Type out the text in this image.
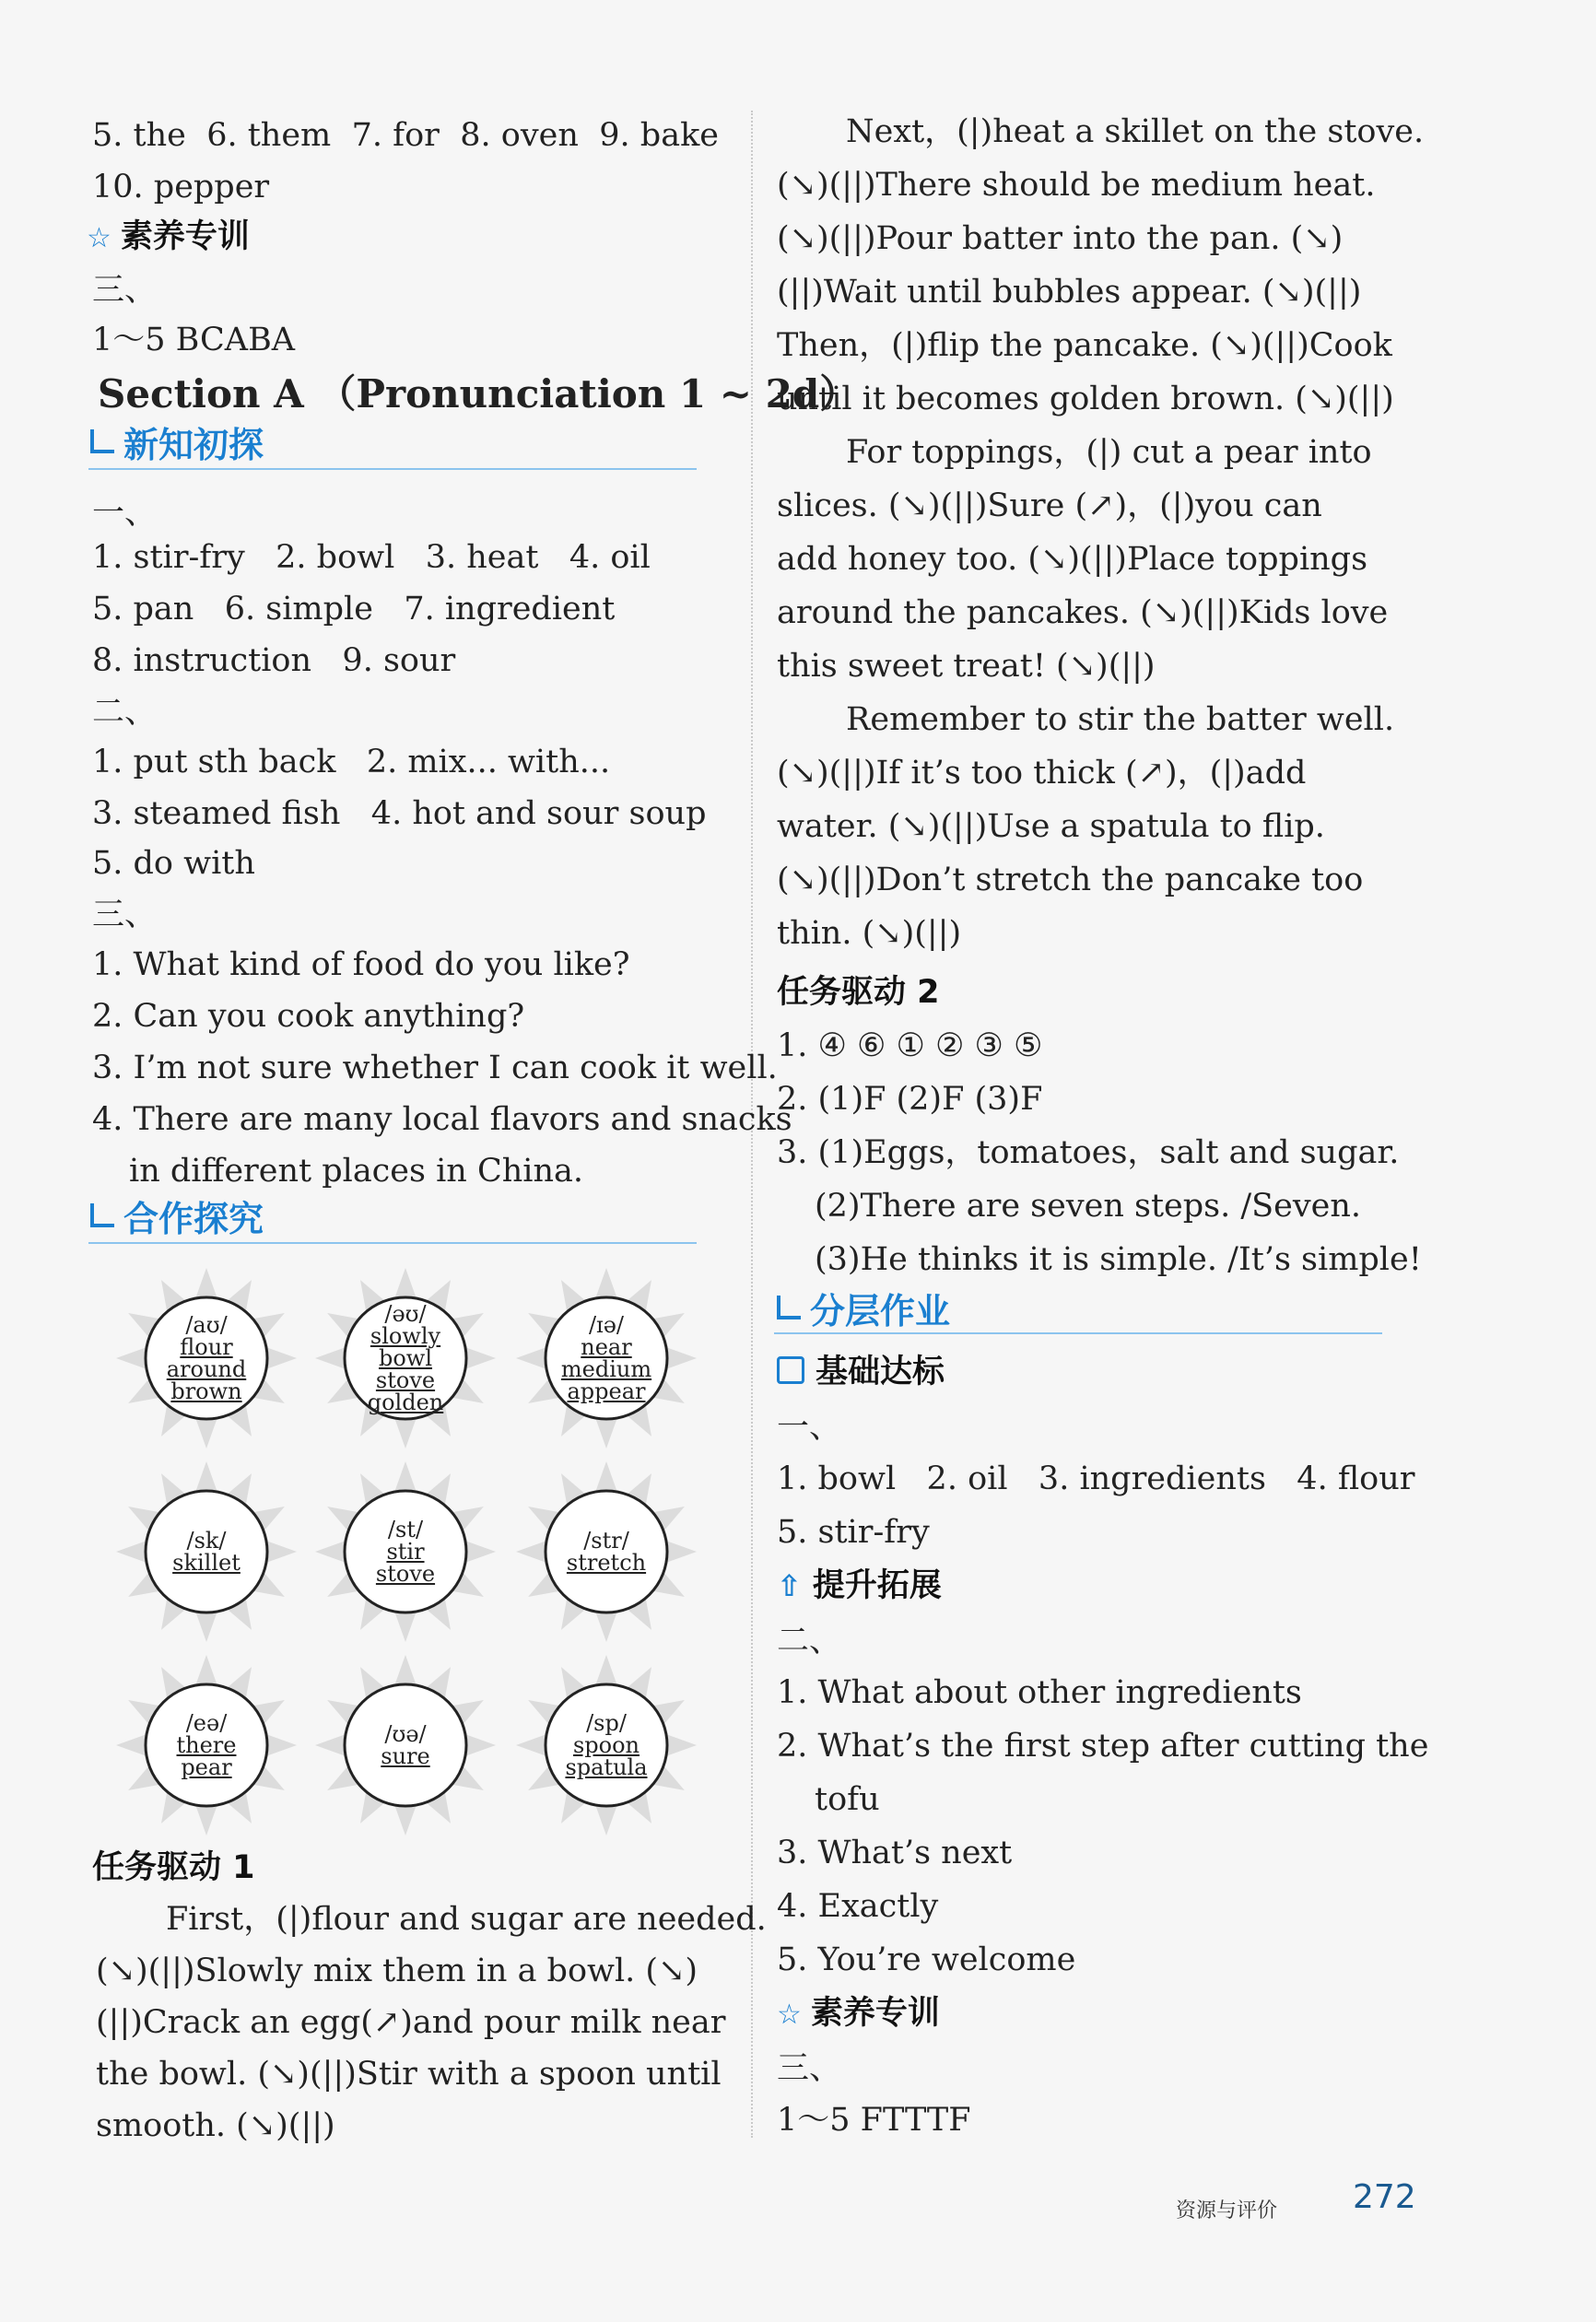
5. the 6. them 7. for 8. oven 9. bake
10. pepper
☆ 素养专训
三、
1～5 BCABA
Section A （Pronunciation 1 ~ 2d）
新知初探
一、
1. stir-fry 2. bowl 3. heat 4. oil
5. pan 6. simple 7. ingredient
8. instruction 9. sour
二、
1. put sth back 2. mix... with...
3. steamed fish 4. hot and sour soup
5. do with
三、
1. What kind of food do you like?
2. Can you cook anything?
3. I’m not sure whether I can cook it well.
4. There are many local flavors and snacks
in different places in China.
合作探究
/aʊ/
flour
around
brown
/əʊ/
slowly
bowl
stove
golden
/ɪə/
near
medium
appear
/sk/
skillet
/st/
stir
stove
/str/
stretch
/eə/
there
pear
/ʊə/
sure
/sp/
spoon
spatula
任务驱动 1
First，(|)flour and sugar are needed.
(↘)(||)Slowly mix them in a bowl. (↘)
(||)Crack an egg(↗)and pour milk near
the bowl. (↘)(||)Stir with a spoon until
smooth. (↘)(||)
Next，(|)heat a skillet on the stove.
(↘)(||)There should be medium heat.
(↘)(||)Pour batter into the pan. (↘)
(||)Wait until bubbles appear. (↘)(||)
Then，(|)flip the pancake. (↘)(||)Cook
until it becomes golden brown. (↘)(||)
For toppings，(|) cut a pear into
slices. (↘)(||)Sure (↗)，(|)you can
add honey too. (↘)(||)Place toppings
around the pancakes. (↘)(||)Kids love
this sweet treat! (↘)(||)
Remember to stir the batter well.
(↘)(||)If it’s too thick (↗)，(|)add
water. (↘)(||)Use a spatula to flip.
(↘)(||)Don’t stretch the pancake too
thin. (↘)(||)
任务驱动 2
1. ④ ⑥ ① ② ③ ⑤
2. (1)F (2)F (3)F
3. (1)Eggs，tomatoes，salt and sugar.
(2)There are seven steps. /Seven.
(3)He thinks it is simple. /It’s simple!
分层作业
基础达标
一、
1. bowl 2. oil 3. ingredients 4. flour
5. stir-fry
⇧ 提升拓展
二、
1. What about other ingredients
2. What’s the first step after cutting the
tofu
3. What’s next
4. Exactly
5. You’re welcome
☆ 素养专训
三、
1～5 FTTTF
资源与评价 272
